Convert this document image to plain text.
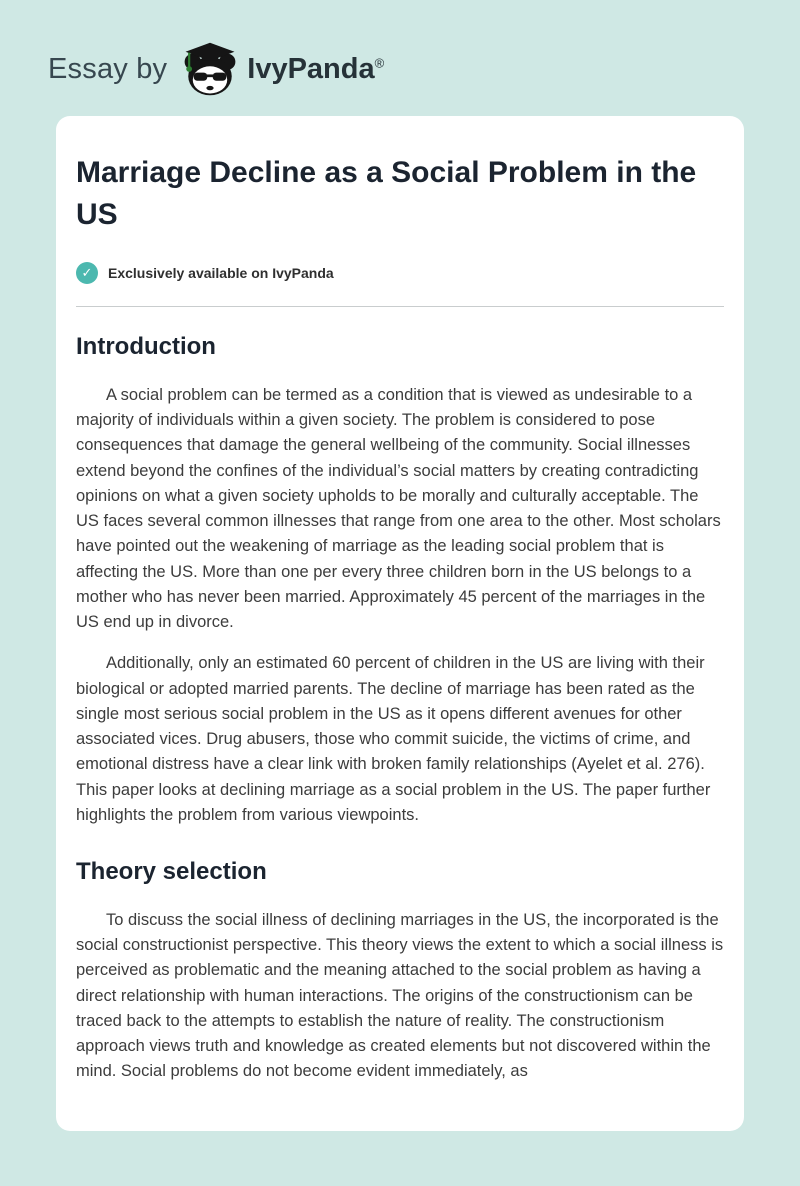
Essay by	IvyPanda®
Marriage Decline as a Social Problem in the US
✓	Exclusively available on IvyPanda
Introduction

A social problem can be termed as a condition that is viewed as undesirable to a majority of individuals within a given society. The problem is considered to pose consequences that damage the general wellbeing of the community. Social illnesses extend beyond the confines of the individual’s social matters by creating contradicting opinions on what a given society upholds to be morally and culturally acceptable. The US faces several common illnesses that range from one area to the other. Most scholars have pointed out the weakening of marriage as the leading social problem that is affecting the US. More than one per every three children born in the US belongs to a mother who has never been married. Approximately 45 percent of the marriages in the US end up in divorce.

Additionally, only an estimated 60 percent of children in the US are living with their biological or adopted married parents. The decline of marriage has been rated as the single most serious social problem in the US as it opens different avenues for other associated vices. Drug abusers, those who commit suicide, the victims of crime, and emotional distress have a clear link with broken family relationships (Ayelet et al. 276). This paper looks at declining marriage as a social problem in the US. The paper further highlights the problem from various viewpoints.

Theory selection

To discuss the social illness of declining marriages in the US, the incorporated is the social constructionist perspective. This theory views the extent to which a social illness is perceived as problematic and the meaning attached to the social problem as having a direct relationship with human interactions. The origins of the constructionism can be traced back to the attempts to establish the nature of reality. The constructionism approach views truth and knowledge as created elements but not discovered within the mind. Social problems do not become evident immediately, as
